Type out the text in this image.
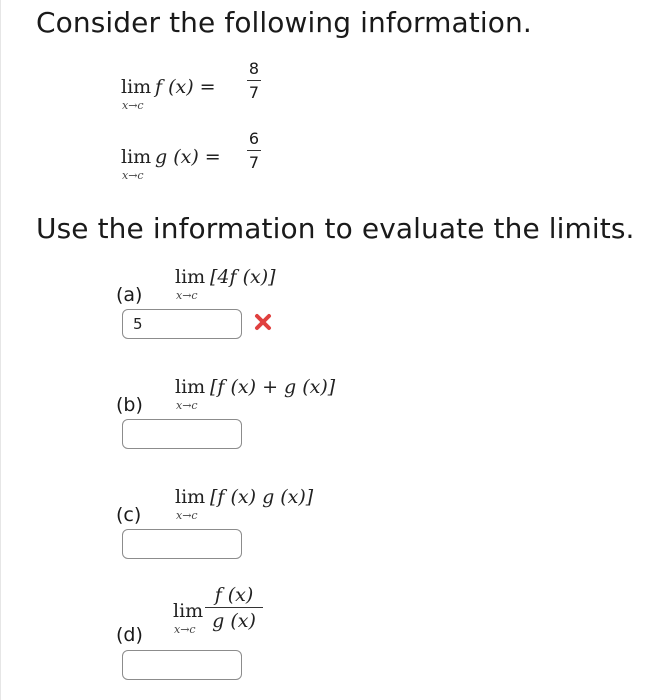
Consider the following information.
lim
x→c
f (x) =
8
7
lim
x→c
g (x) =
6
7
Use the information to evaluate the limits.
lim
x→c
[4f (x)]
(a)
5
lim
x→c
[f (x) + g (x)]
(b)
lim
x→c
[f (x) g (x)]
(c)
lim
x→c
f (x)
g (x)
(d)
